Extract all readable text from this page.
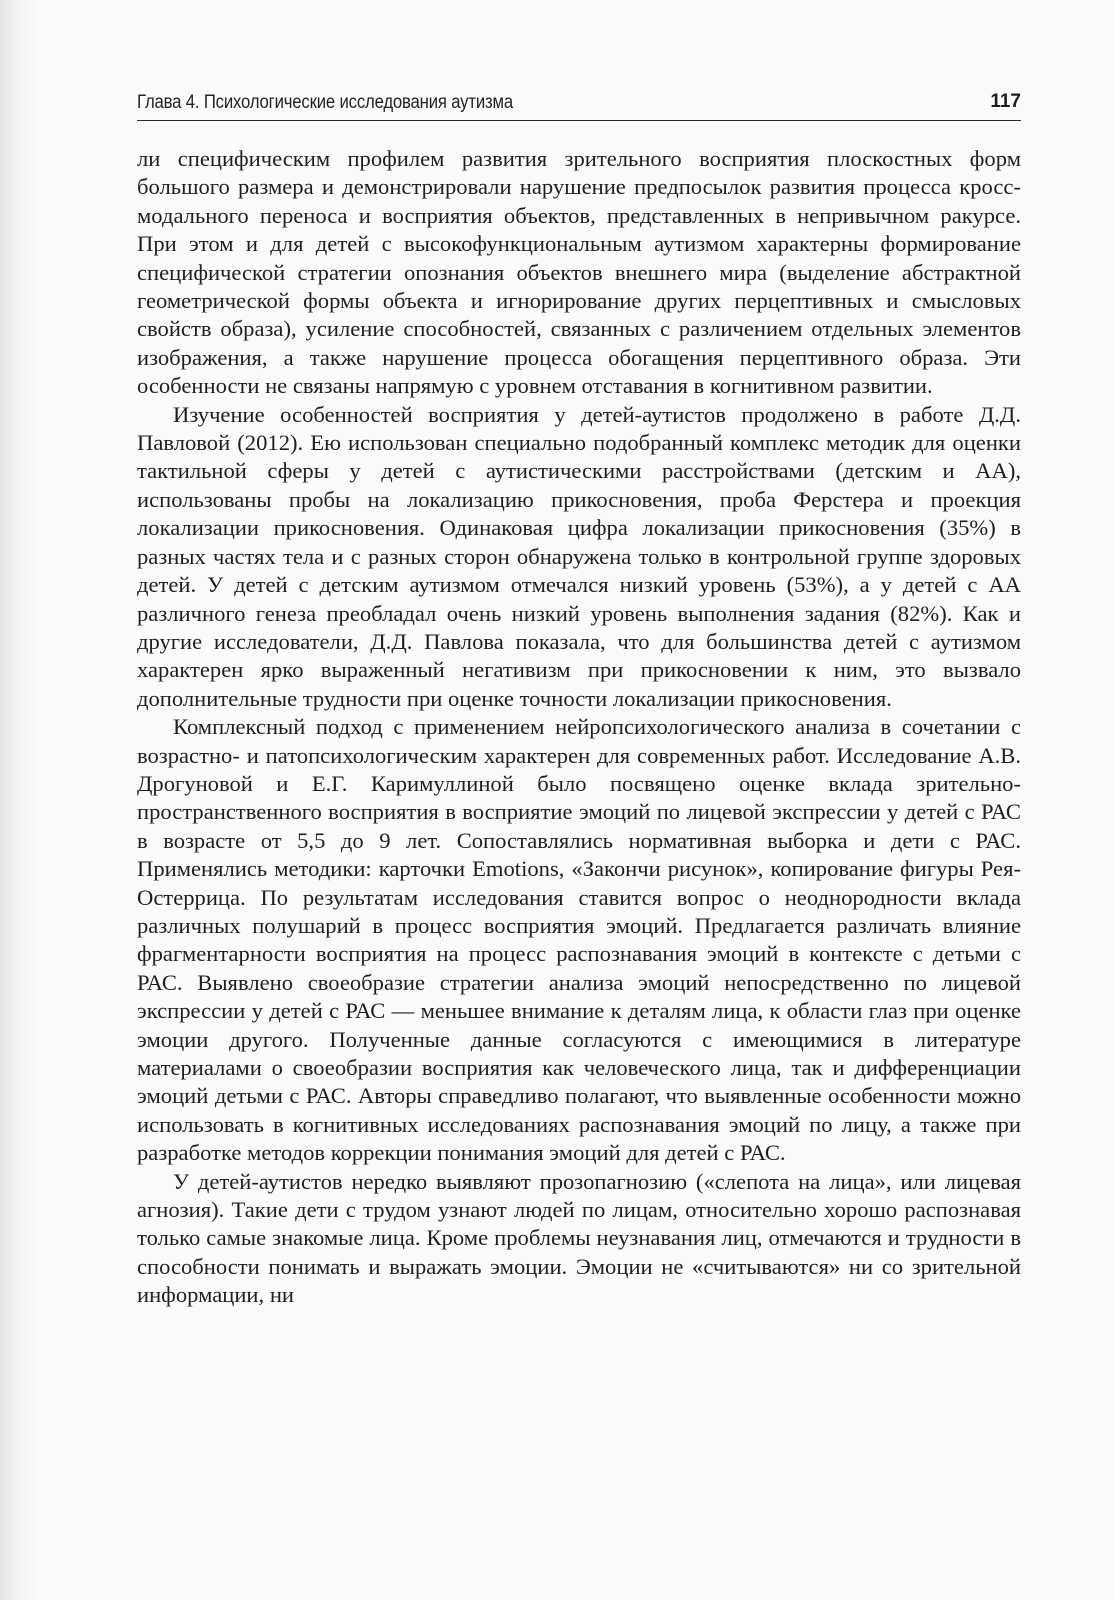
Глава 4. Психологические исследования аутизма	117

ли специфическим профилем развития зрительного восприятия плоскостных форм большого размера и демонстрировали нарушение предпосылок развития процесса кросс-модального переноса и восприятия объектов, представленных в непривычном ракурсе. При этом и для детей с высокофункциональным аутизмом характерны формирование специфической стратегии опознания объектов внешнего мира (выделение абстрактной геометрической формы объекта и игнорирование других перцептивных и смысловых свойств образа), усиление способностей, связанных с различением отдельных элементов изображения, а также нарушение процесса обогащения перцептивного образа. Эти особенности не связаны напрямую с уровнем отставания в когнитивном развитии.

Изучение особенностей восприятия у детей-аутистов продолжено в работе Д.Д. Павловой (2012). Ею использован специально подобранный комплекс методик для оценки тактильной сферы у детей с аутистическими расстройствами (детским и АА), использованы пробы на локализацию прикосновения, проба Ферстера и проекция локализации прикосновения. Одинаковая цифра локализации прикосновения (35%) в разных частях тела и с разных сторон обнаружена только в контрольной группе здоровых детей. У детей с детским аутизмом отмечался низкий уровень (53%), а у детей с АА различного генеза преобладал очень низкий уровень выполнения задания (82%). Как и другие исследователи, Д.Д. Павлова показала, что для большинства детей с аутизмом характерен ярко выраженный негативизм при прикосновении к ним, это вызвало дополнительные трудности при оценке точности локализации прикосновения.

Комплексный подход с применением нейропсихологического анализа в сочетании с возрастно- и патопсихологическим характерен для современных работ. Исследование А.В. Дрогуновой и Е.Г. Каримуллиной было посвящено оценке вклада зрительно-пространственного восприятия в восприятие эмоций по лицевой экспрессии у детей с РАС в возрасте от 5,5 до 9 лет. Сопоставлялись нормативная выборка и дети с РАС. Применялись методики: карточки Emotions, «Закончи рисунок», копирование фигуры Рея-Остеррица. По результатам исследования ставится вопрос о неоднородности вклада различных полушарий в процесс восприятия эмоций. Предлагается различать влияние фрагментарности восприятия на процесс распознавания эмоций в контексте с детьми с РАС. Выявлено своеобразие стратегии анализа эмоций непосредственно по лицевой экспрессии у детей с РАС — меньшее внимание к деталям лица, к области глаз при оценке эмоции другого. Полученные данные согласуются с имеющимися в литературе материалами о своеобразии восприятия как человеческого лица, так и дифференциации эмоций детьми с РАС. Авторы справедливо полагают, что выявленные особенности можно использовать в когнитивных исследованиях распознавания эмоций по лицу, а также при разработке методов коррекции понимания эмоций для детей с РАС.

У детей-аутистов нередко выявляют прозопагнозию («слепота на лица», или лицевая агнозия). Такие дети с трудом узнают людей по лицам, относительно хорошо распознавая только самые знакомые лица. Кроме проблемы неузнавания лиц, отмечаются и трудности в способности понимать и выражать эмоции. Эмоции не «считываются» ни со зрительной информации, ни
